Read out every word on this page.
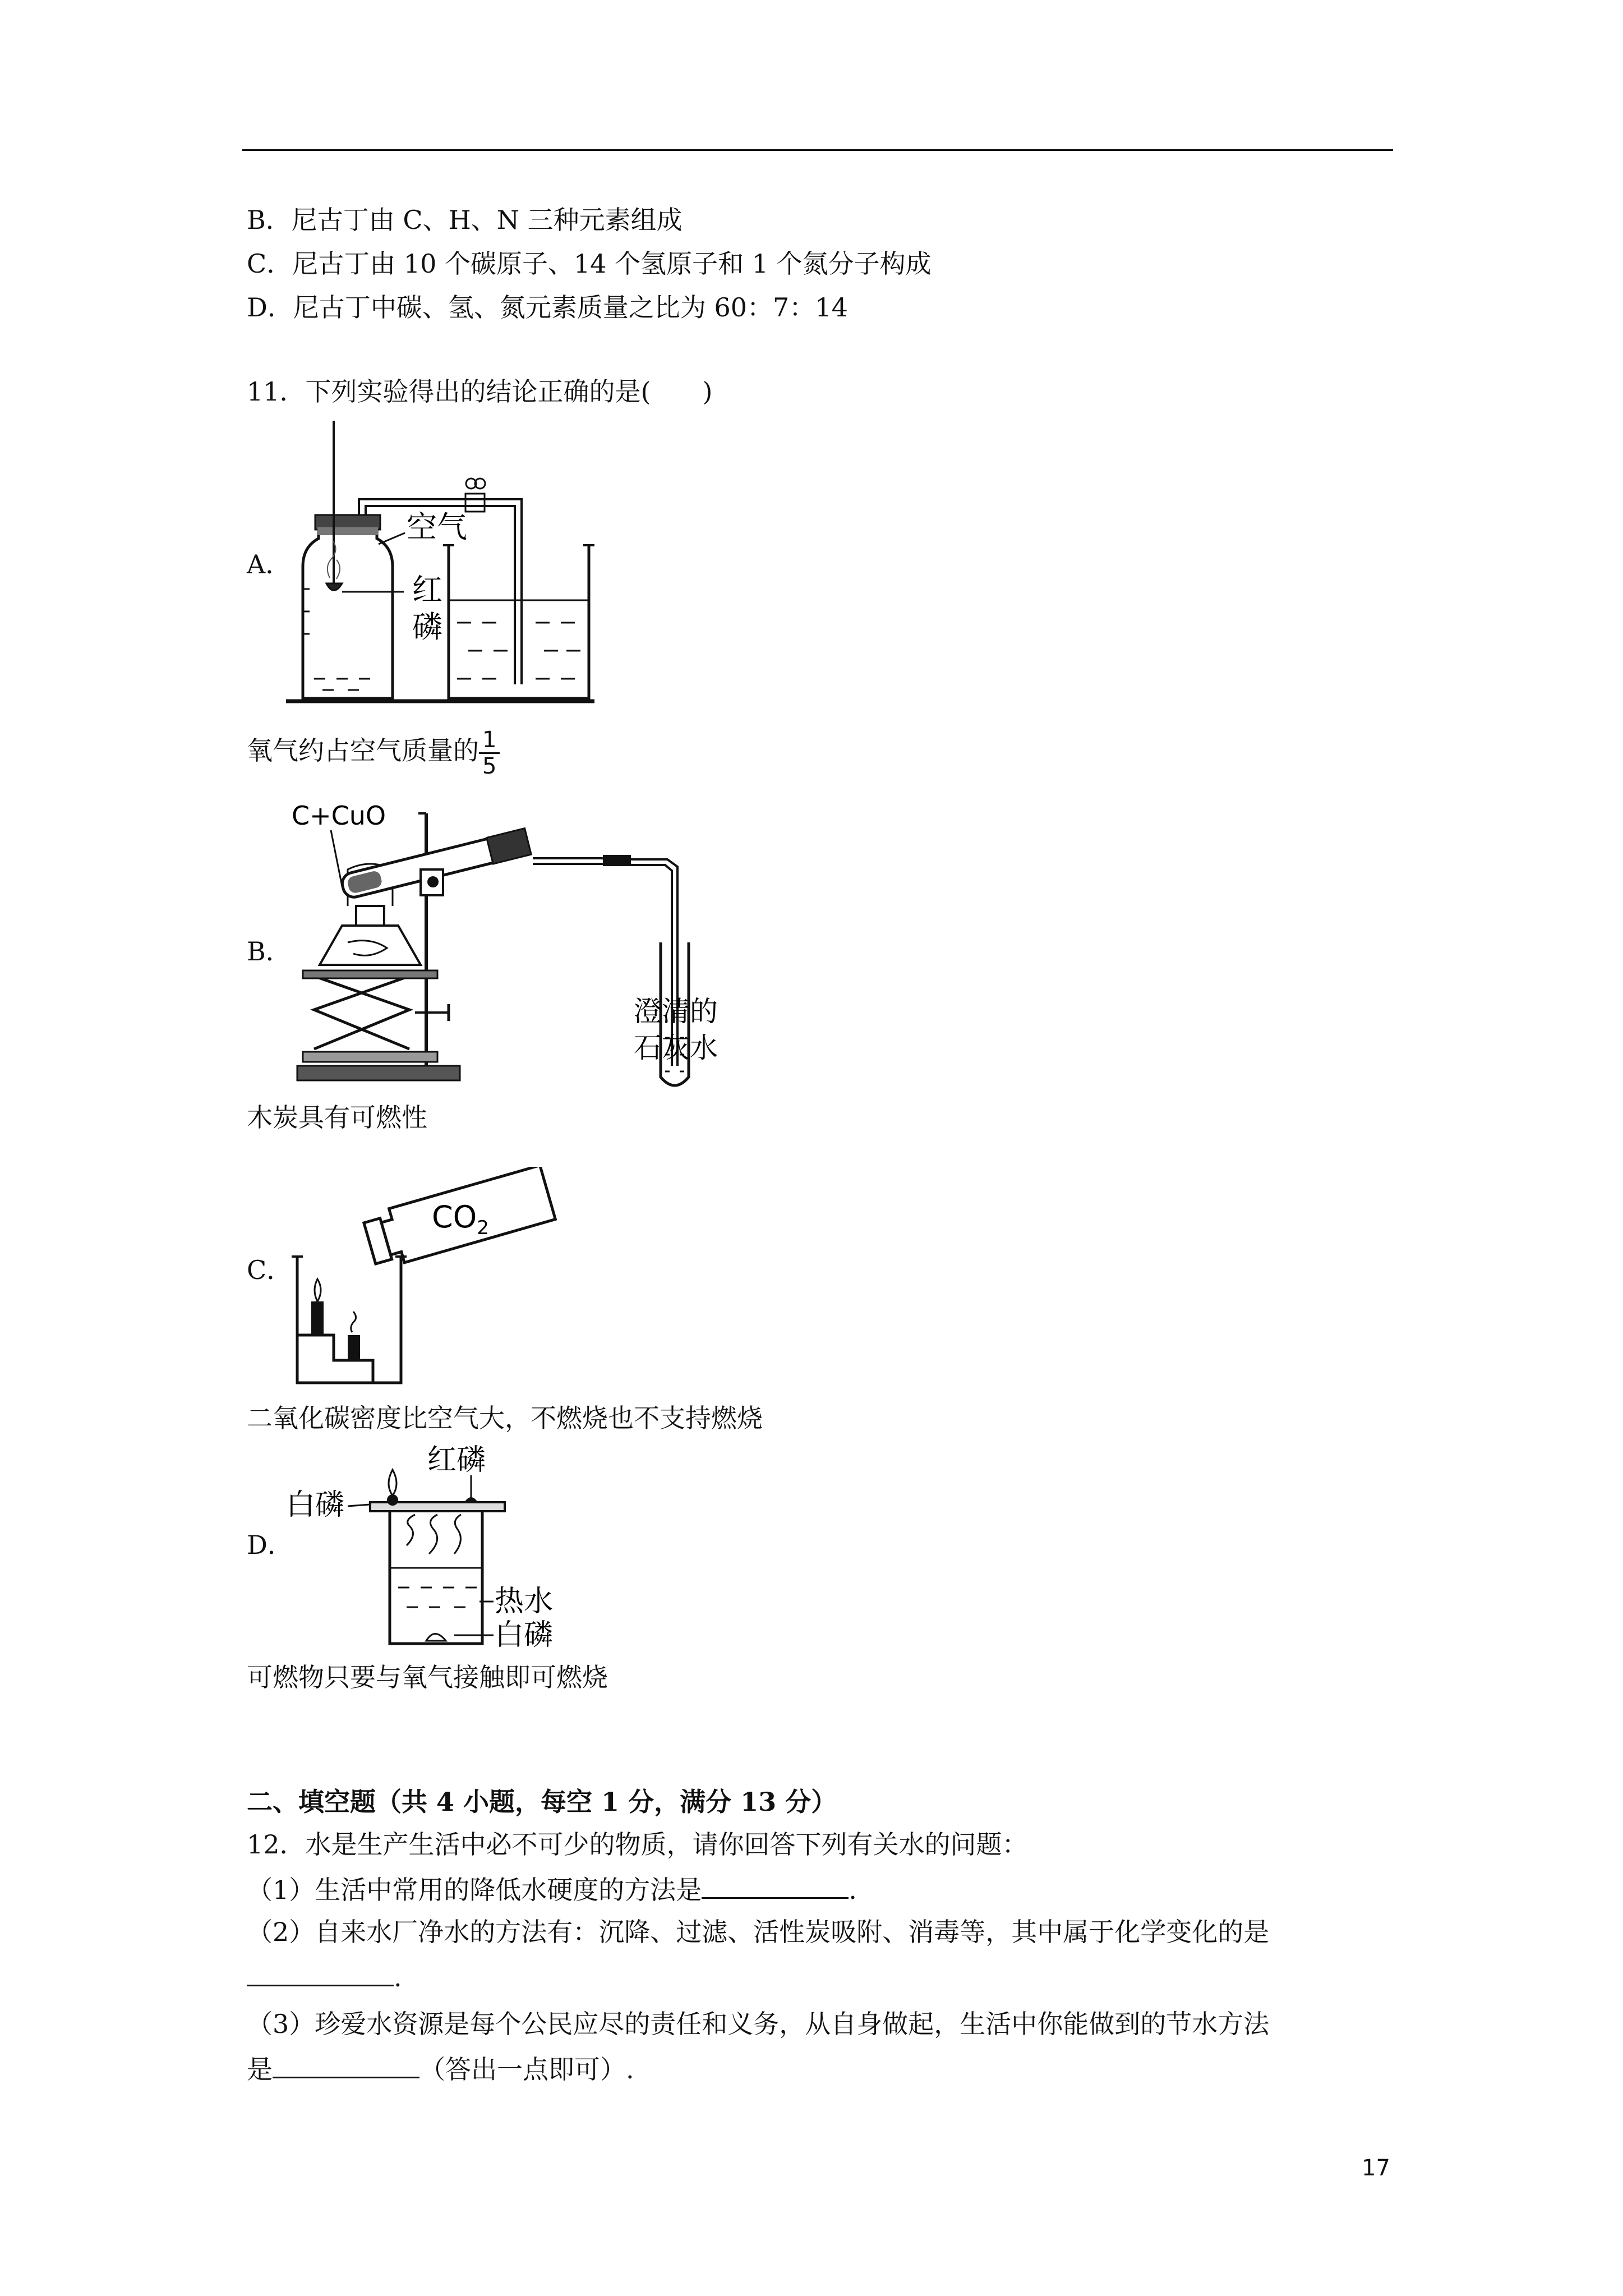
B．尼古丁由 C、H、N 三种元素组成
C．尼古丁由 10 个碳原子、14 个氢原子和 1 个氮分子构成
D．尼古丁中碳、氢、氮元素质量之比为 60：7：14
11．下列实验得出的结论正确的是(　　)
A．
空气
红
磷
氧气约占空气质量的 $\frac{1}{5}$
B．
C+CuO
澄清的
石灰水
木炭具有可燃性
C．
$CO_2$
二氧化碳密度比空气大，不燃烧也不支持燃烧
D．
红磷
白磷
热水
白磷
可燃物只要与氧气接触即可燃烧
二、填空题（共 4 小题，每空 1 分，满分 13 分）
12．水是生产生活中必不可少的物质，请你回答下列有关水的问题：
（1）生活中常用的降低水硬度的方法是	.
（2）自来水厂净水的方法有：沉降、过滤、活性炭吸附、消毒等，其中属于化学变化的是
.
（3）珍爱水资源是每个公民应尽的责任和义务，从自身做起，生活中你能做到的节水方法
是	（答出一点即可）.
17
